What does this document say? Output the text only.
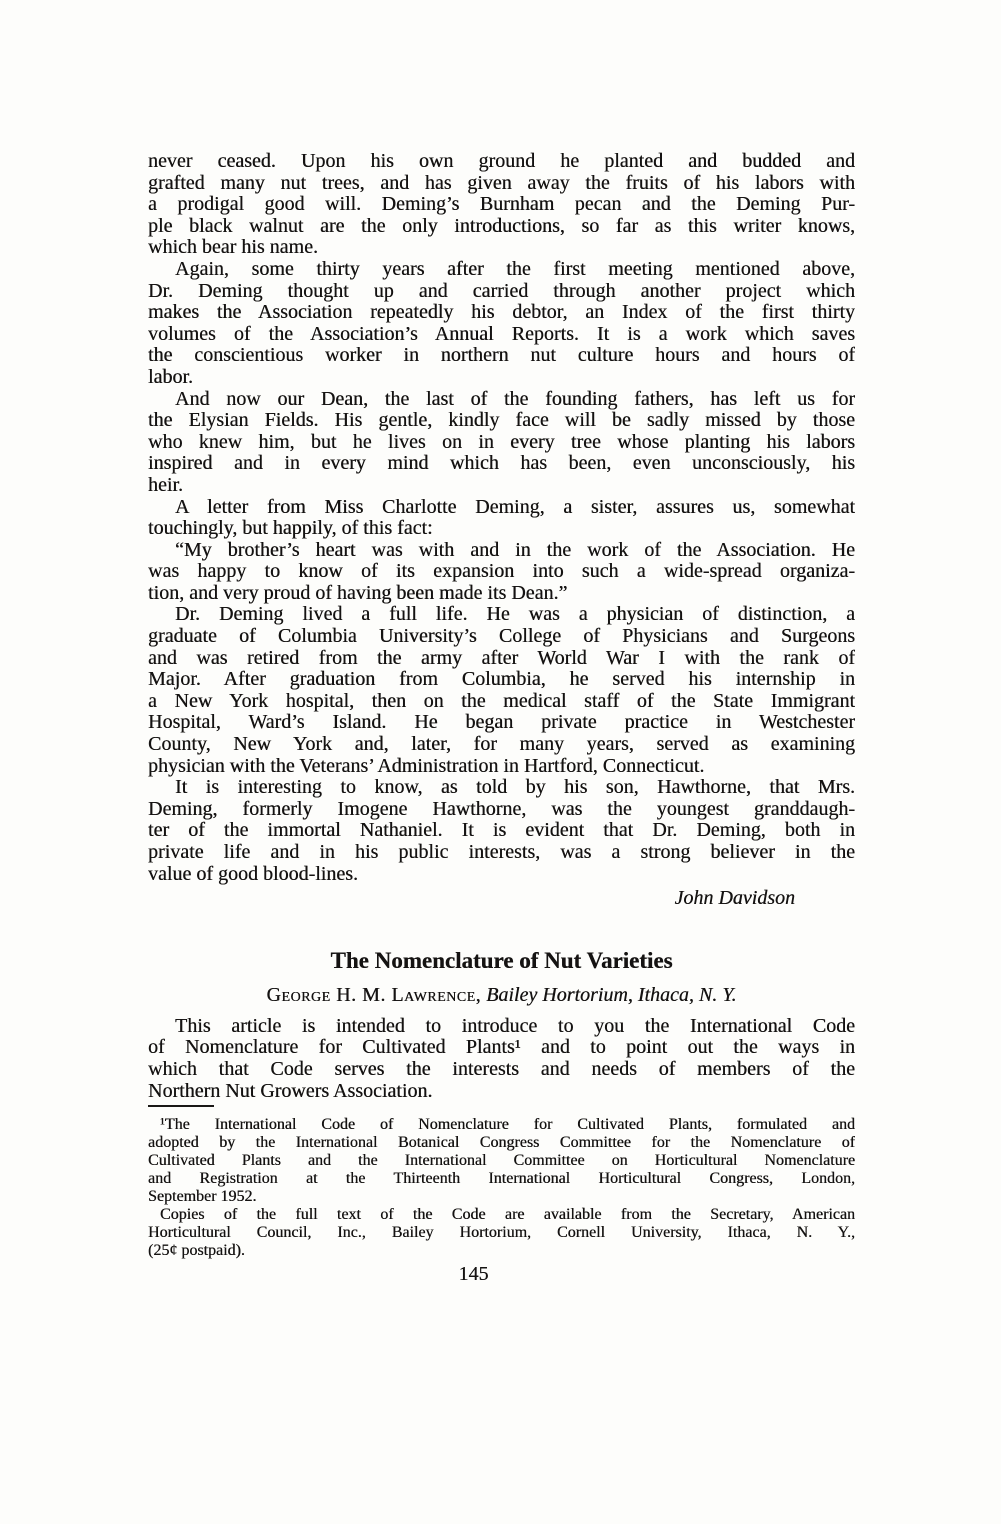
never ceased. Upon his own ground he planted and budded and
grafted many nut trees, and has given away the fruits of his labors with
a prodigal good will. Deming’s Burnham pecan and the Deming Pur-
ple black walnut are the only introductions, so far as this writer knows,
which bear his name.
Again, some thirty years after the first meeting mentioned above,
Dr. Deming thought up and carried through another project which
makes the Association repeatedly his debtor, an Index of the first thirty
volumes of the Association’s Annual Reports. It is a work which saves
the conscientious worker in northern nut culture hours and hours of
labor.
And now our Dean, the last of the founding fathers, has left us for
the Elysian Fields. His gentle, kindly face will be sadly missed by those
who knew him, but he lives on in every tree whose planting his labors
inspired and in every mind which has been, even unconsciously, his
heir.
A letter from Miss Charlotte Deming, a sister, assures us, somewhat
touchingly, but happily, of this fact:
“My brother’s heart was with and in the work of the Association. He
was happy to know of its expansion into such a wide-spread organiza-
tion, and very proud of having been made its Dean.”
Dr. Deming lived a full life. He was a physician of distinction, a
graduate of Columbia University’s College of Physicians and Surgeons
and was retired from the army after World War I with the rank of
Major. After graduation from Columbia, he served his internship in
a New York hospital, then on the medical staff of the State Immigrant
Hospital, Ward’s Island. He began private practice in Westchester
County, New York and, later, for many years, served as examining
physician with the Veterans’ Administration in Hartford, Connecticut.
It is interesting to know, as told by his son, Hawthorne, that Mrs.
Deming, formerly Imogene Hawthorne, was the youngest granddaugh-
ter of the immortal Nathaniel. It is evident that Dr. Deming, both in
private life and in his public interests, was a strong believer in the
value of good blood-lines.
John Davidson
The Nomenclature of Nut Varieties
George H. M. Lawrence, Bailey Hortorium, Ithaca, N. Y.
This article is intended to introduce to you the International Code
of Nomenclature for Cultivated Plants¹ and to point out the ways in
which that Code serves the interests and needs of members of the
Northern Nut Growers Association.
¹The International Code of Nomenclature for Cultivated Plants, formulated and
adopted by the International Botanical Congress Committee for the Nomenclature of
Cultivated Plants and the International Committee on Horticultural Nomenclature
and Registration at the Thirteenth International Horticultural Congress, London,
September 1952.
Copies of the full text of the Code are available from the Secretary, American
Horticultural Council, Inc., Bailey Hortorium, Cornell University, Ithaca, N. Y.,
(25¢ postpaid).
145
